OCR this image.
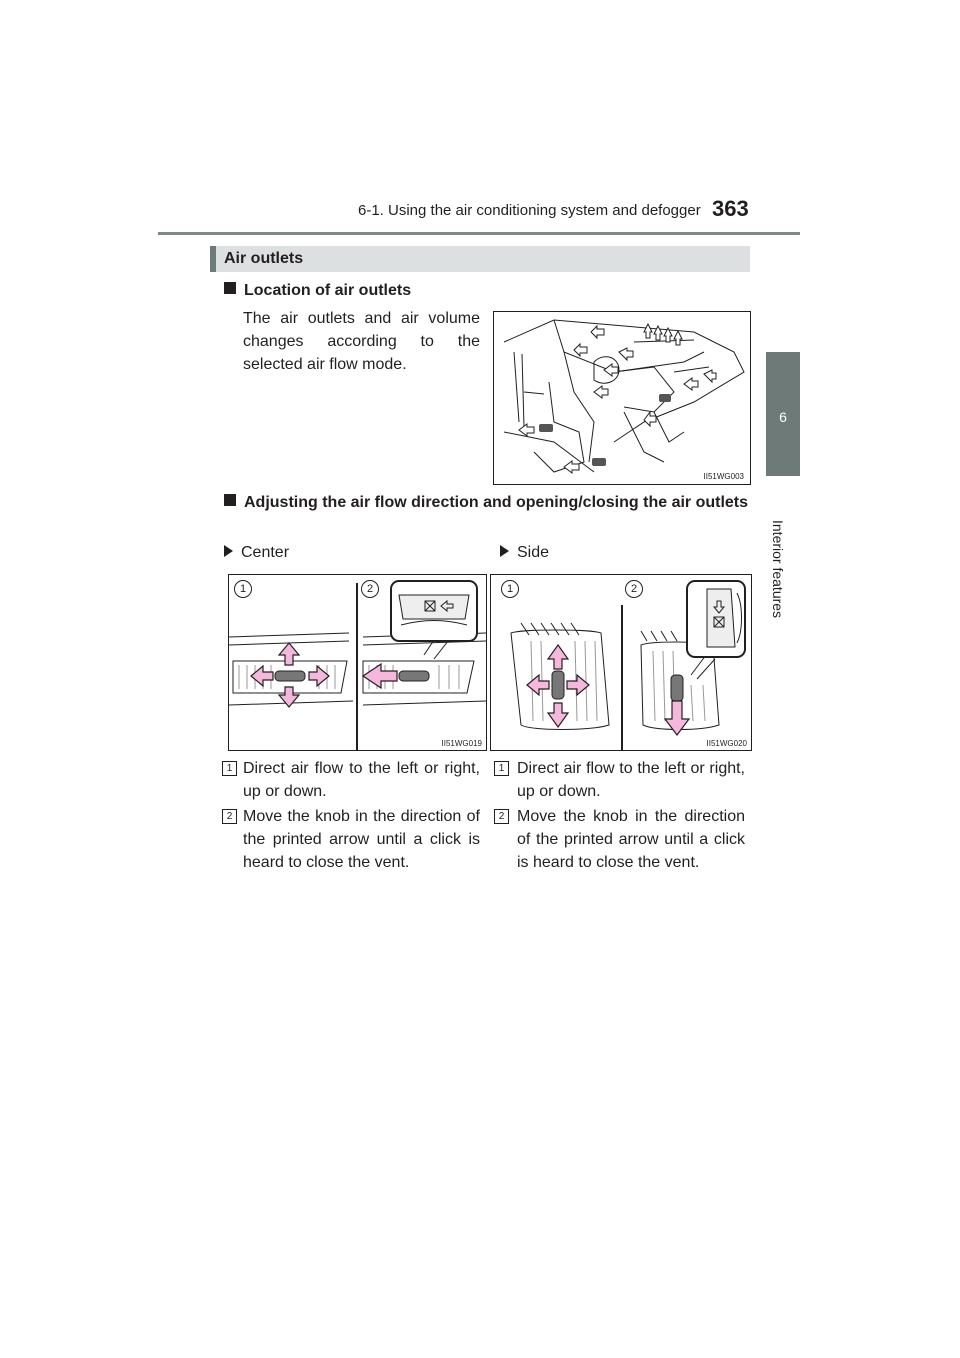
6-1. Using the air conditioning system and defogger 363
6
Interior features
Air outlets
Location of air outlets
The air outlets and air volume changes according to the selected air flow mode.
II51WG003
Adjusting the air flow direction and opening/closing the air outlets
Center	Side
1	2
II51WG019
1	2
II51WG020
1 Direct air flow to the left or right, up or down.
2 Move the knob in the direction of the printed arrow until a click is heard to close the vent.
1 Direct air flow to the left or right, up or down.
2 Move the knob in the direction of the printed arrow until a click is heard to close the vent.
